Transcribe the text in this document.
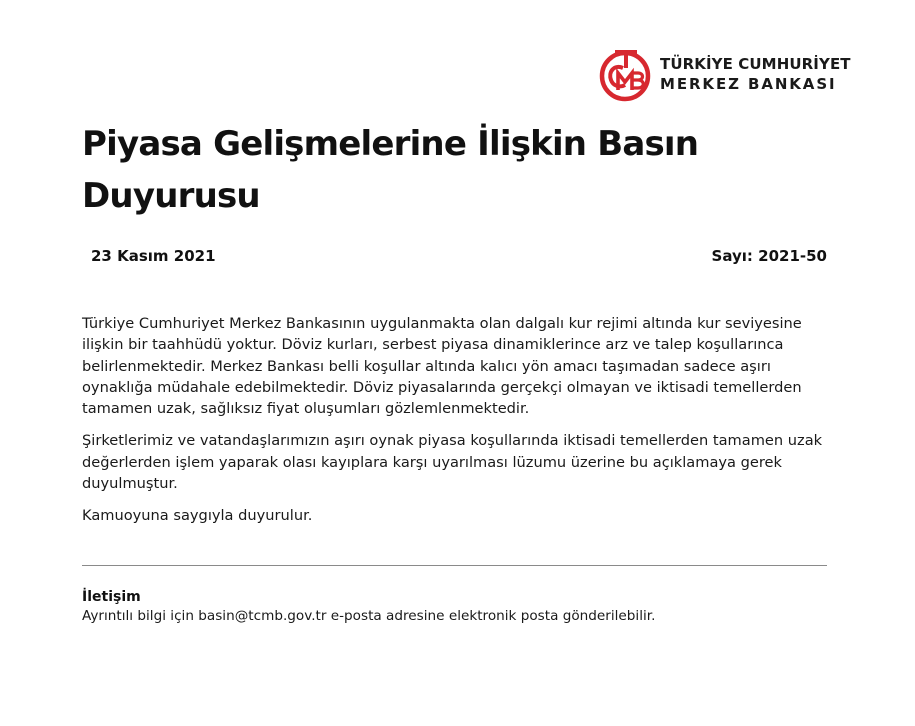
TÜRKİYE CUMHURİYET
MERKEZ BANKASI
Piyasa Gelişmelerine İlişkin Basın Duyurusu
23 Kasım 2021	Sayı: 2021-50

Türkiye Cumhuriyet Merkez Bankasının uygulanmakta olan dalgalı kur rejimi altında kur seviyesine ilişkin bir taahhüdü yoktur. Döviz kurları, serbest piyasa dinamiklerince arz ve talep koşullarınca belirlenmektedir. Merkez Bankası belli koşullar altında kalıcı yön amacı taşımadan sadece aşırı oynaklığa müdahale edebilmektedir. Döviz piyasalarında gerçekçi olmayan ve iktisadi temellerden tamamen uzak, sağlıksız fiyat oluşumları gözlemlenmektedir.

Şirketlerimiz ve vatandaşlarımızın aşırı oynak piyasa koşullarında iktisadi temellerden tamamen uzak değerlerden işlem yaparak olası kayıplara karşı uyarılması lüzumu üzerine bu açıklamaya gerek duyulmuştur.

Kamuoyuna saygıyla duyurulur.

İletişim
Ayrıntılı bilgi için basin@tcmb.gov.tr e-posta adresine elektronik posta gönderilebilir.
